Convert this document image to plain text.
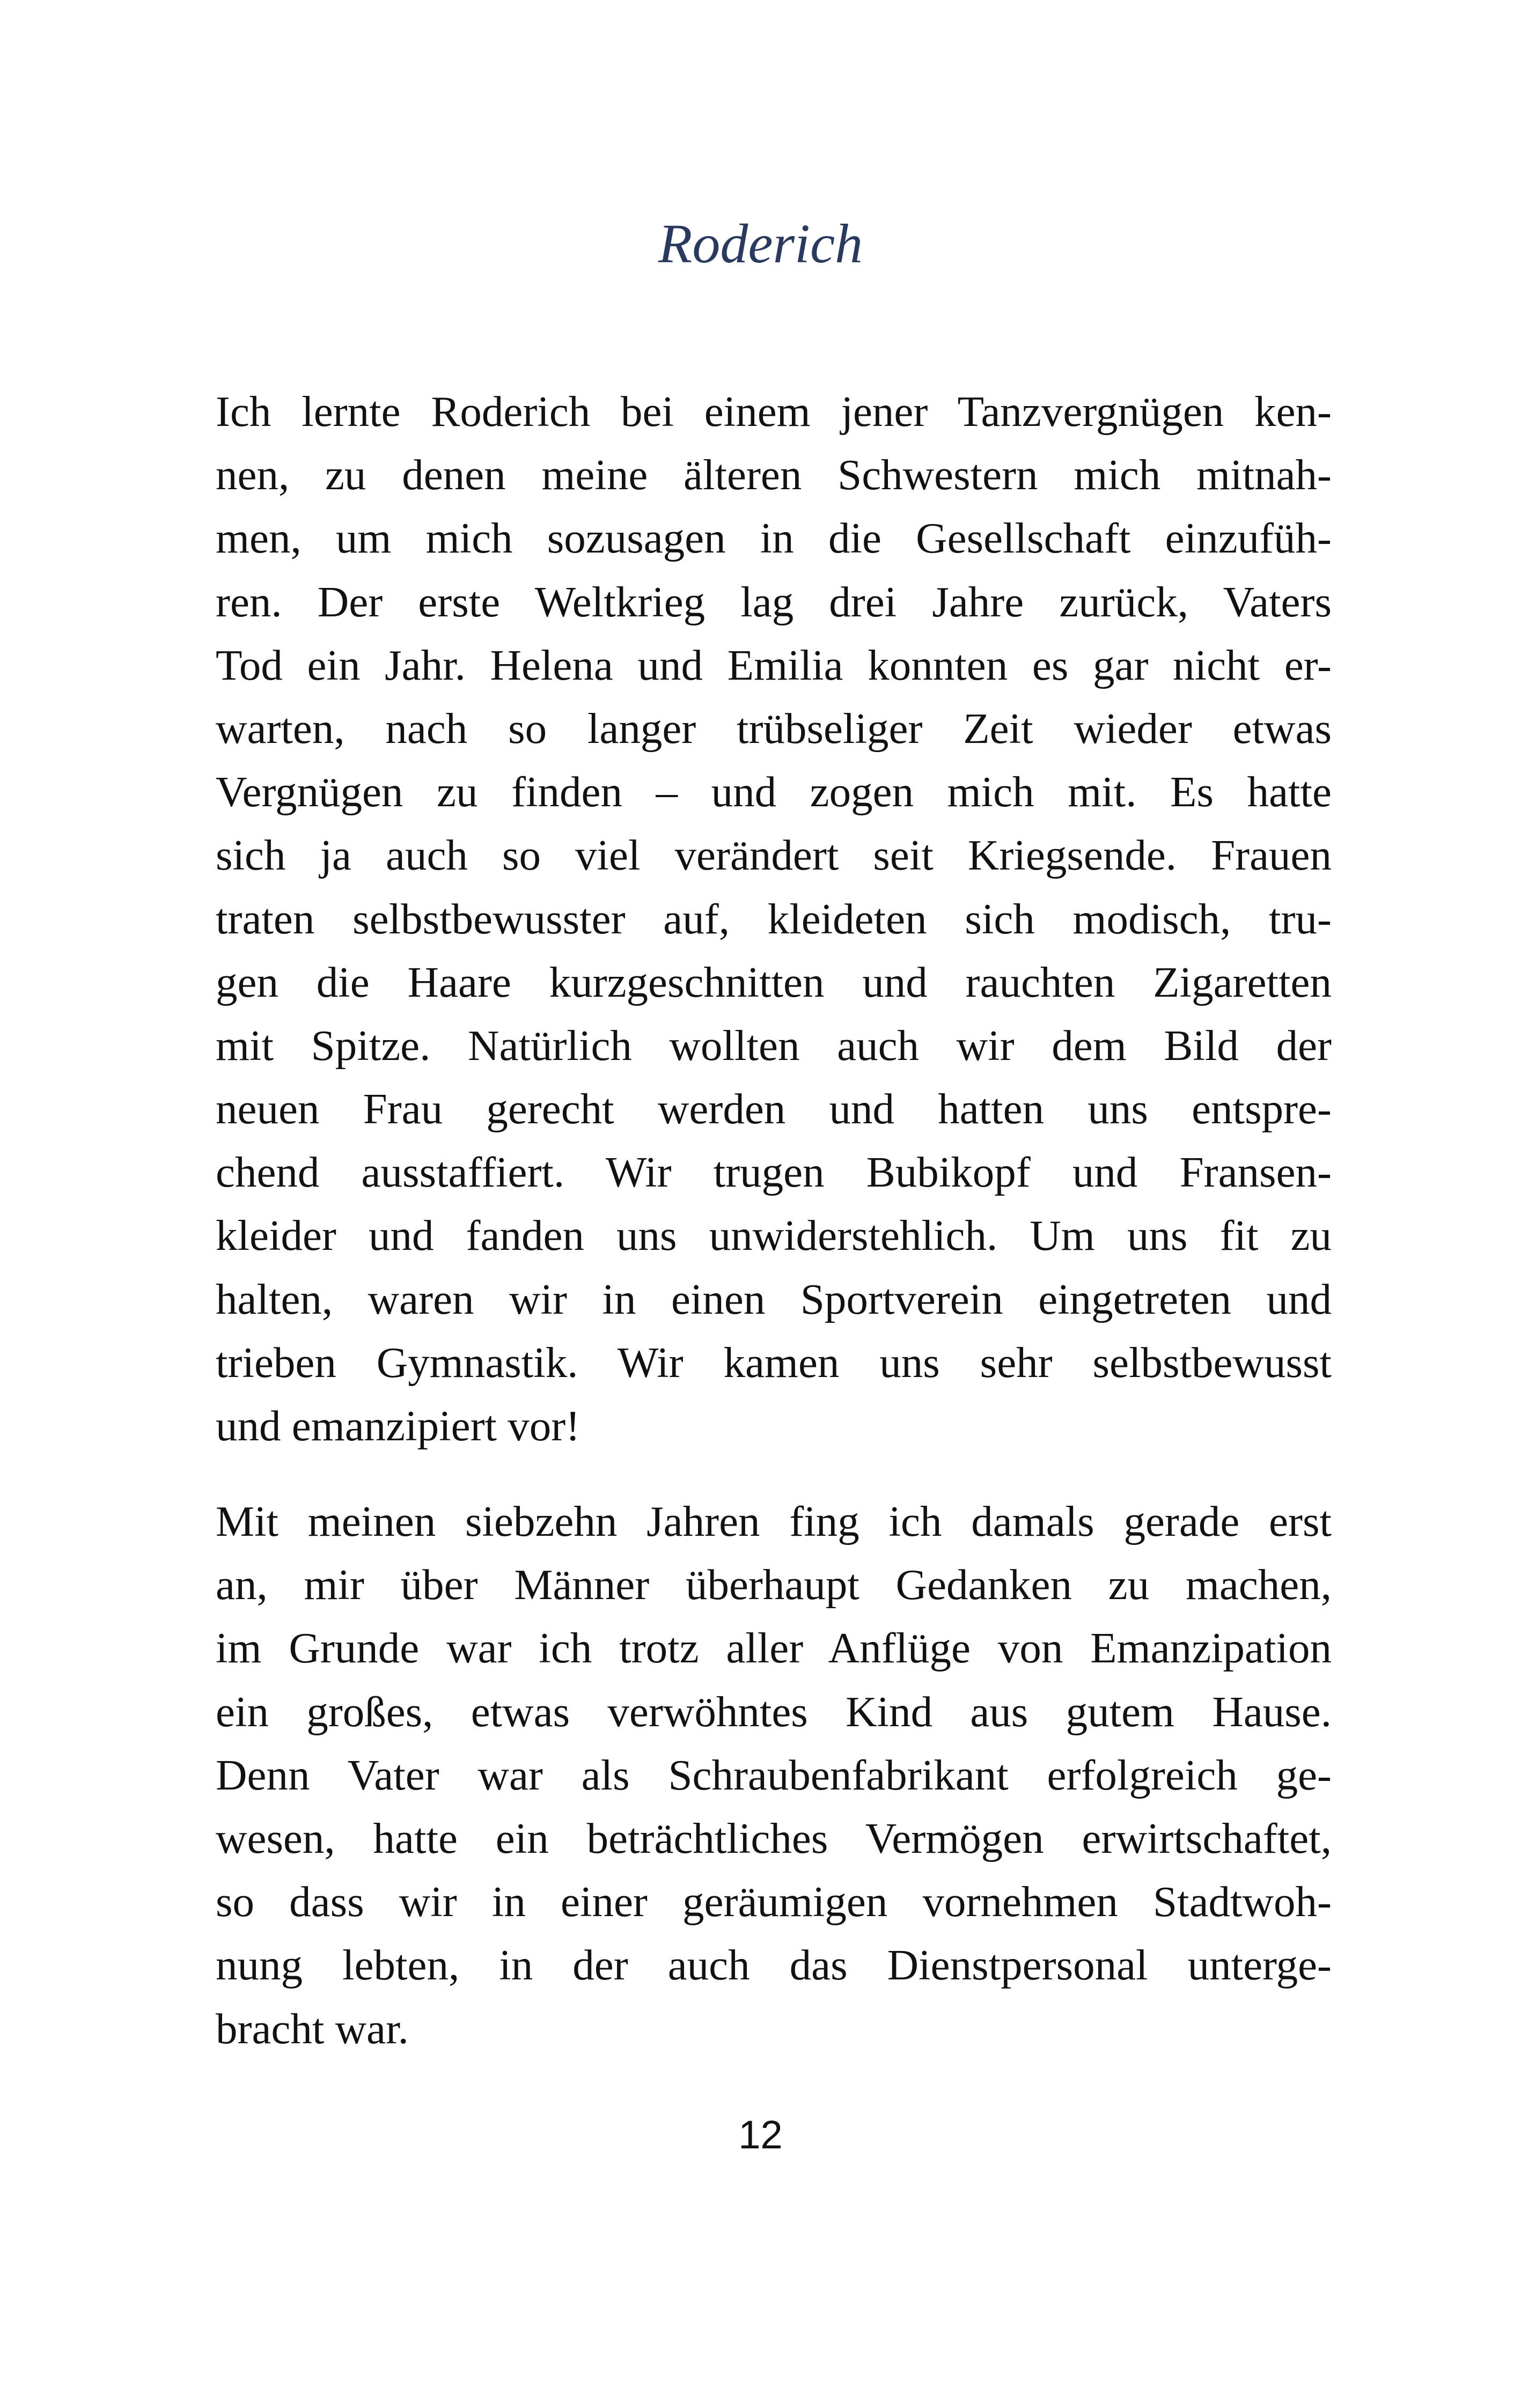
Roderich
Ich lernte Roderich bei einem jener Tanzvergnügen ken-
nen, zu denen meine älteren Schwestern mich mitnah-
men, um mich sozusagen in die Gesellschaft einzufüh-
ren. Der erste Weltkrieg lag drei Jahre zurück, Vaters
Tod ein Jahr. Helena und Emilia konnten es gar nicht er-
warten, nach so langer trübseliger Zeit wieder etwas
Vergnügen zu finden – und zogen mich mit. Es hatte
sich ja auch so viel verändert seit Kriegsende. Frauen
traten selbstbewusster auf, kleideten sich modisch, tru-
gen die Haare kurzgeschnitten und rauchten Zigaretten
mit Spitze. Natürlich wollten auch wir dem Bild der
neuen Frau gerecht werden und hatten uns entspre-
chend ausstaffiert. Wir trugen Bubikopf und Fransen-
kleider und fanden uns unwiderstehlich. Um uns fit zu
halten, waren wir in einen Sportverein eingetreten und
trieben Gymnastik. Wir kamen uns sehr selbstbewusst
und emanzipiert vor!
Mit meinen siebzehn Jahren fing ich damals gerade erst
an, mir über Männer überhaupt Gedanken zu machen,
im Grunde war ich trotz aller Anflüge von Emanzipation
ein großes, etwas verwöhntes Kind aus gutem Hause.
Denn Vater war als Schraubenfabrikant erfolgreich ge-
wesen, hatte ein beträchtliches Vermögen erwirtschaftet,
so dass wir in einer geräumigen vornehmen Stadtwoh-
nung lebten, in der auch das Dienstpersonal unterge-
bracht war.
12
